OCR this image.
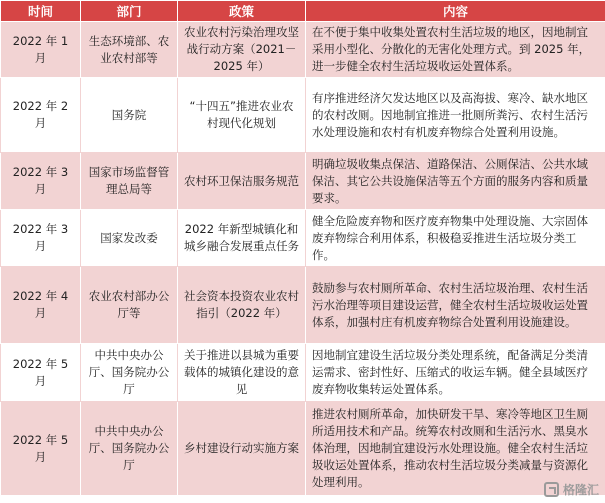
时间	部门	政策	内容
2022 年 1 月	生态环境部、农业农村部等	农业农村污染治理攻坚战行动方案（2021－2025 年）	在不便于集中收集处置农村生活垃圾的地区，因地制宜采用小型化、分散化的无害化处理方式。到 2025 年，进一步健全农村生活垃圾收运处置体系。
2022 年 2 月	国务院	“十四五”推进农业农村现代化规划	有序推进经济欠发达地区以及高海拔、寒冷、缺水地区的农村改厕。因地制宜推进一批厕所粪污、农村生活污水处理设施和农村有机废弃物综合处置利用设施。
2022 年 3 月	国家市场监督管理总局等	农村环卫保洁服务规范	明确垃圾收集点保洁、道路保洁、公厕保洁、公共水域保洁、其它公共设施保洁等五个方面的服务内容和质量要求。
2022 年 3 月	国家发改委	2022 年新型城镇化和城乡融合发展重点任务	健全危险废弃物和医疗废弃物集中处理设施、大宗固体废弃物综合利用体系，积极稳妥推进生活垃圾分类工作。
2022 年 4 月	农业农村部办公厅等	社会资本投资农业农村指引（2022 年）	鼓励参与农村厕所革命、农村生活垃圾治理、农村生活污水治理等项目建设运营，健全农村生活垃圾收运处置体系，加强村庄有机废弃物综合处置利用设施建设。
2022 年 5 月	中共中央办公厅、国务院办公厅	关于推进以县城为重要载体的城镇化建设的意见	因地制宜建设生活垃圾分类处理系统，配备满足分类清运需求、密封性好、压缩式的收运车辆。健全县域医疗废弃物收集转运处置体系。
2022 年 5 月	中共中央办公厅、国务院办公厅	乡村建设行动实施方案	推进农村厕所革命，加快研发干旱、寒冷等地区卫生厕所适用技术和产品。统筹农村改厕和生活污水、黑臭水体治理，因地制宜建设污水处理设施。健全农村生活垃圾收运处置体系，推动农村生活垃圾分类减量与资源化处理利用。
格隆汇
